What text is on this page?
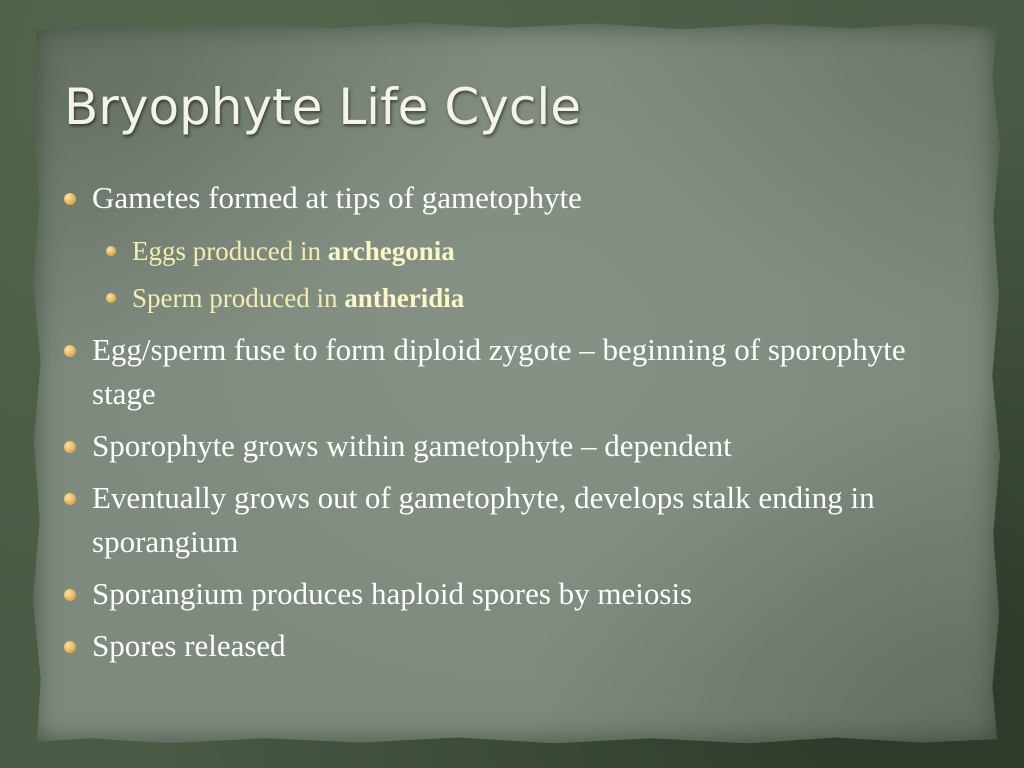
Bryophyte Life Cycle
Gametes formed at tips of gametophyte
Eggs produced in archegonia
Sperm produced in antheridia
Egg/sperm fuse to form diploid zygote – beginning of sporophyte stage
Sporophyte grows within gametophyte – dependent
Eventually grows out of gametophyte, develops stalk ending in sporangium
Sporangium produces haploid spores by meiosis
Spores released
